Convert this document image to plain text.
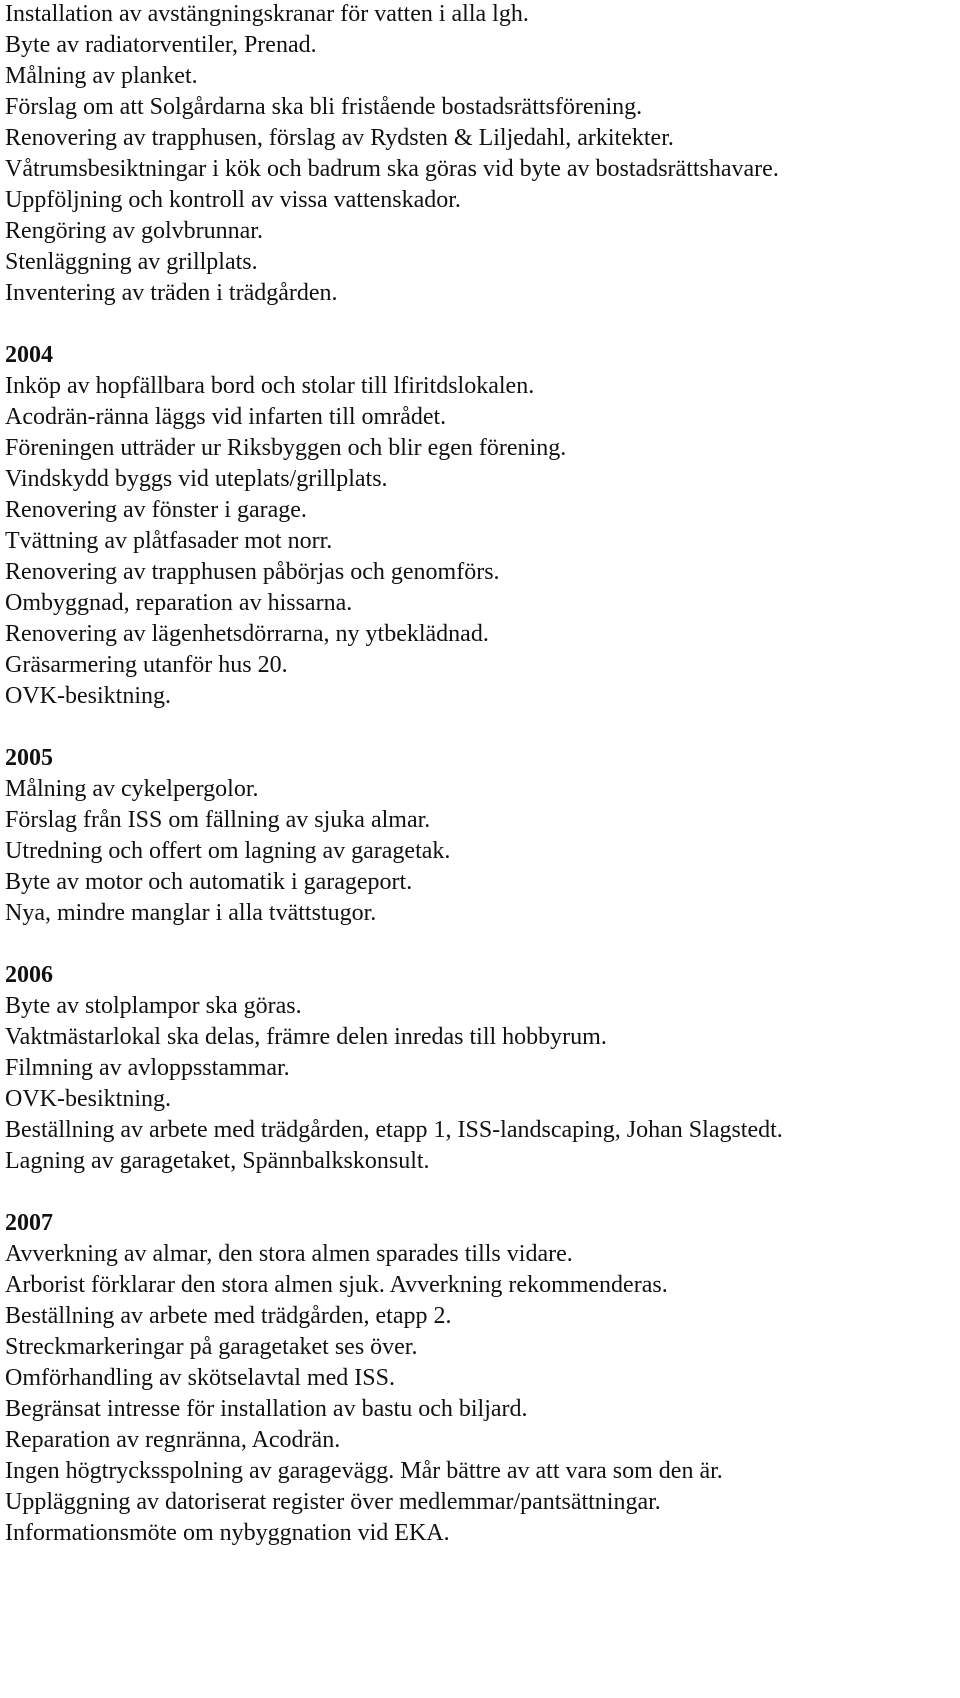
Installation av avstängningskranar för vatten i alla lgh.
Byte av radiatorventiler, Prenad.
Målning av planket.
Förslag om att Solgårdarna ska bli fristående bostadsrättsförening.
Renovering av trapphusen, förslag av Rydsten & Liljedahl, arkitekter.
Våtrumsbesiktningar i kök och badrum ska göras vid byte av bostadsrättshavare.
Uppföljning och kontroll av vissa vattenskador.
Rengöring av golvbrunnar.
Stenläggning av grillplats.
Inventering av träden i trädgården.
2004
Inköp av hopfällbara bord och stolar till lfiritdslokalen.
Acodrän-ränna läggs vid infarten till området.
Föreningen utträder ur Riksbyggen och blir egen förening.
Vindskydd byggs vid uteplats/grillplats.
Renovering av fönster i garage.
Tvättning av plåtfasader mot norr.
Renovering av trapphusen påbörjas och genomförs.
Ombyggnad, reparation av hissarna.
Renovering av lägenhetsdörrarna, ny ytbeklädnad.
Gräsarmering utanför hus 20.
OVK-besiktning.
2005
Målning av cykelpergolor.
Förslag från ISS om fällning av sjuka almar.
Utredning och offert om lagning av garagetak.
Byte av motor och automatik i garageport.
Nya, mindre manglar i alla tvättstugor.
2006
Byte av stolplampor ska göras.
Vaktmästarlokal ska delas, främre delen inredas till hobbyrum.
Filmning av avloppsstammar.
OVK-besiktning.
Beställning av arbete med trädgården, etapp 1, ISS-landscaping, Johan Slagstedt.
Lagning av garagetaket, Spännbalkskonsult.
2007
Avverkning av almar, den stora almen sparades tills vidare.
Arborist förklarar den stora almen sjuk. Avverkning rekommenderas.
Beställning av arbete med trädgården, etapp 2.
Streckmarkeringar på garagetaket ses över.
Omförhandling av skötselavtal med ISS.
Begränsat intresse för installation av bastu och biljard.
Reparation av regnränna, Acodrän.
Ingen högtrycksspolning av garagevägg. Mår bättre av att vara som den är.
Uppläggning av datoriserat register över medlemmar/pantsättningar.
Informationsmöte om nybyggnation vid EKA.
